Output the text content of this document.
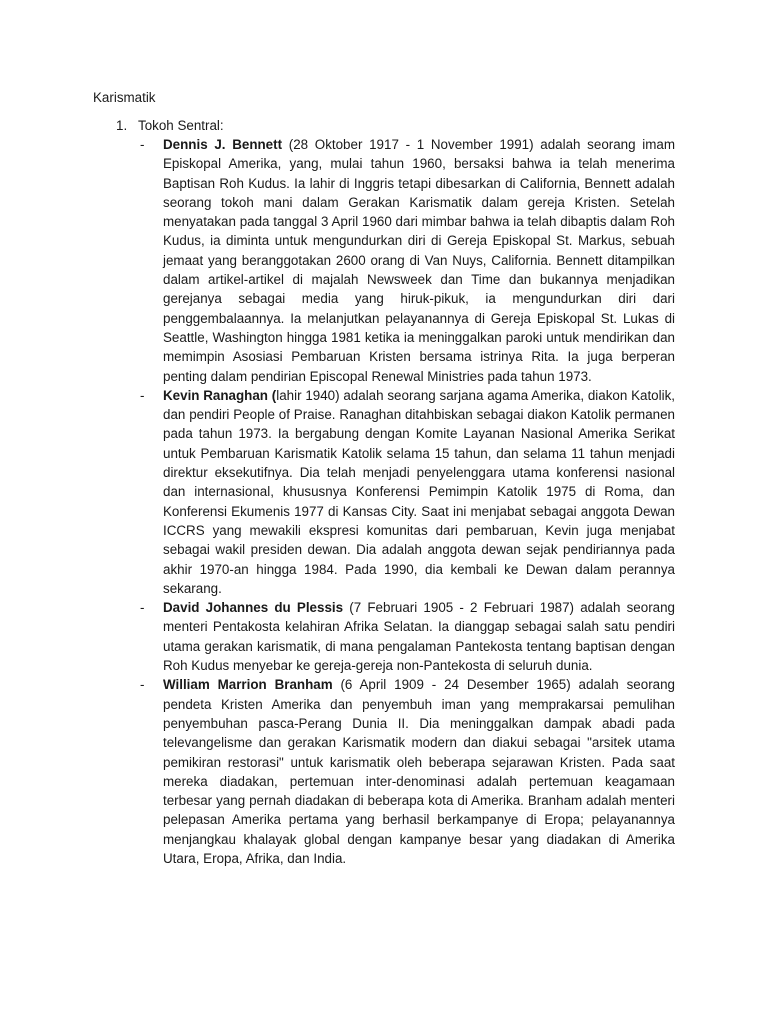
Karismatik
1. Tokoh Sentral:
- Dennis J. Bennett (28 Oktober 1917 - 1 November 1991) adalah seorang imam Episkopal Amerika, yang, mulai tahun 1960, bersaksi bahwa ia telah menerima Baptisan Roh Kudus. Ia lahir di Inggris tetapi dibesarkan di California, Bennett adalah seorang tokoh mani dalam Gerakan Karismatik dalam gereja Kristen. Setelah menyatakan pada tanggal 3 April 1960 dari mimbar bahwa ia telah dibaptis dalam Roh Kudus, ia diminta untuk mengundurkan diri di Gereja Episkopal St. Markus, sebuah jemaat yang beranggotakan 2600 orang di Van Nuys, California. Bennett ditampilkan dalam artikel-artikel di majalah Newsweek dan Time dan bukannya menjadikan gerejanya sebagai media yang hiruk-pikuk, ia mengundurkan diri dari penggembalaannya. Ia melanjutkan pelayanannya di Gereja Episkopal St. Lukas di Seattle, Washington hingga 1981 ketika ia meninggalkan paroki untuk mendirikan dan memimpin Asosiasi Pembaruan Kristen bersama istrinya Rita. Ia juga berperan penting dalam pendirian Episcopal Renewal Ministries pada tahun 1973.

- Kevin Ranaghan (lahir 1940) adalah seorang sarjana agama Amerika, diakon Katolik, dan pendiri People of Praise. Ranaghan ditahbiskan sebagai diakon Katolik permanen pada tahun 1973. Ia bergabung dengan Komite Layanan Nasional Amerika Serikat untuk Pembaruan Karismatik Katolik selama 15 tahun, dan selama 11 tahun menjadi direktur eksekutifnya. Dia telah menjadi penyelenggara utama konferensi nasional dan internasional, khususnya Konferensi Pemimpin Katolik 1975 di Roma, dan Konferensi Ekumenis 1977 di Kansas City. Saat ini menjabat sebagai anggota Dewan ICCRS yang mewakili ekspresi komunitas dari pembaruan, Kevin juga menjabat sebagai wakil presiden dewan. Dia adalah anggota dewan sejak pendiriannya pada akhir 1970-an hingga 1984. Pada 1990, dia kembali ke Dewan dalam perannya sekarang.

- David Johannes du Plessis (7 Februari 1905 - 2 Februari 1987) adalah seorang menteri Pentakosta kelahiran Afrika Selatan. Ia dianggap sebagai salah satu pendiri utama gerakan karismatik, di mana pengalaman Pantekosta tentang baptisan dengan Roh Kudus menyebar ke gereja-gereja non-Pantekosta di seluruh dunia.

- William Marrion Branham (6 April 1909 - 24 Desember 1965) adalah seorang pendeta Kristen Amerika dan penyembuh iman yang memprakarsai pemulihan penyembuhan pasca-Perang Dunia II. Dia meninggalkan dampak abadi pada televangelisme dan gerakan Karismatik modern dan diakui sebagai "arsitek utama pemikiran restorasi" untuk karismatik oleh beberapa sejarawan Kristen. Pada saat mereka diadakan, pertemuan inter-denominasi adalah pertemuan keagamaan terbesar yang pernah diadakan di beberapa kota di Amerika. Branham adalah menteri pelepasan Amerika pertama yang berhasil berkampanye di Eropa; pelayanannya menjangkau khalayak global dengan kampanye besar yang diadakan di Amerika Utara, Eropa, Afrika, dan India.
